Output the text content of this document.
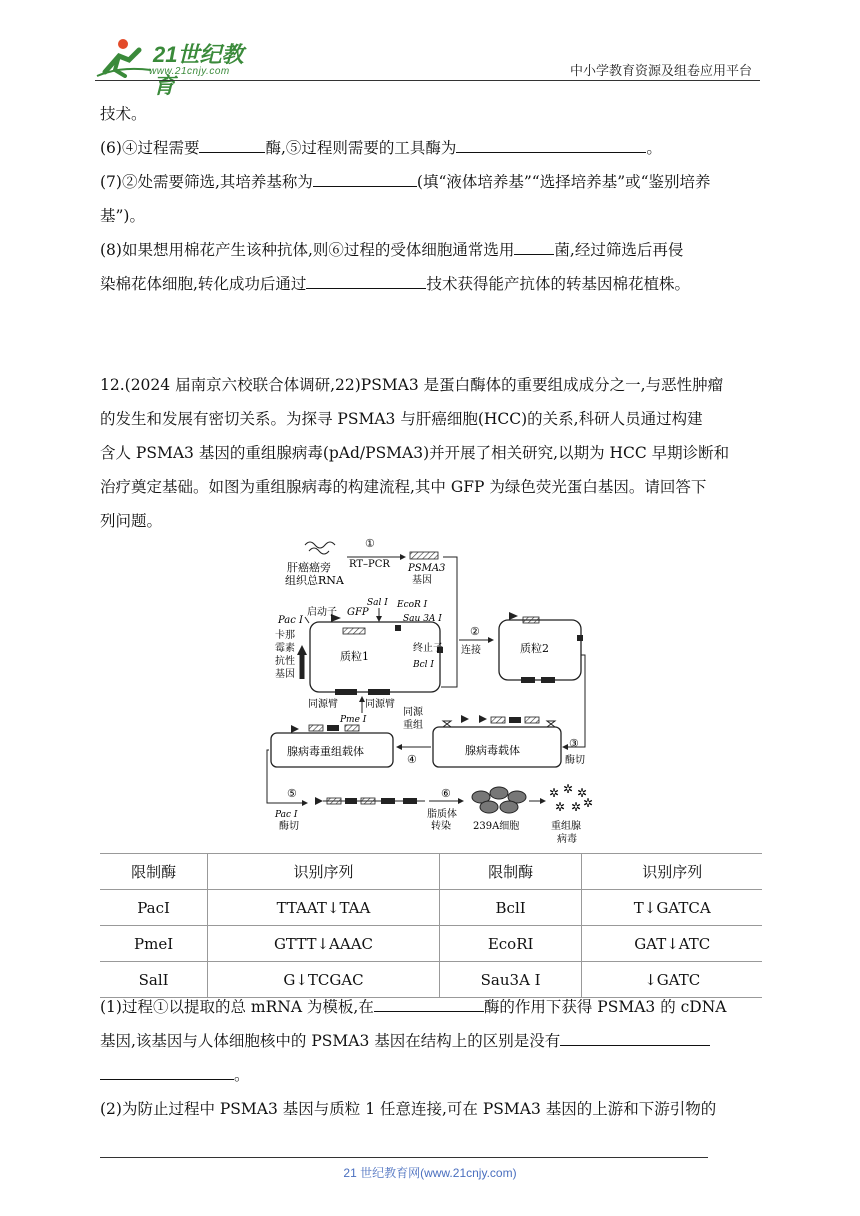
21世纪教育
www.21cnjy.com	中小学教育资源及组卷应用平台

技术。

(6)④过程需要	酶,⑤过程则需要的工具酶为	。

(7)②处需要筛选,其培养基称为	(填“液体培养基”“选择培养基”或“鉴别培养

基”)。

(8)如果想用棉花产生该种抗体,则⑥过程的受体细胞通常选用	菌,经过筛选后再侵

染棉花体细胞,转化成功后通过	技术获得能产抗体的转基因棉花植株。

12.(2024 届南京六校联合体调研,22)PSMA3 是蛋白酶体的重要组成成分之一,与恶性肿瘤

的发生和发展有密切关系。为探寻 PSMA3 与肝癌细胞(HCC)的关系,科研人员通过构建

含人 PSMA3 基因的重组腺病毒(pAd/PSMA3)并开展了相关研究,以期为 HCC 早期诊断和

治疗奠定基础。如图为重组腺病毒的构建流程,其中 GFP 为绿色荧光蛋白基因。请回答下

列问题。

肝癌癌旁
组织总RNA
①
RT–PCR PSMA3
基因
质粒1
Pac Ⅰ
启动子 GFP
Sal Ⅰ EcoR Ⅰ
Sau 3A Ⅰ
卡那
霉素
抗性
基因
终止子
Bcl Ⅰ
同源臂	同源臂
Pme Ⅰ
②
连接	质粒2
③
酶切
腺病毒载体
同源
重组
④
腺病毒重组载体
⑤
Pac Ⅰ
酶切
⑥
脂质体
转染 239A细胞
✲ ✲ ✲
✲ ✲ ✲
重组腺
病毒
限制酶	识别序列	限制酶	识别序列
PacⅠ	TTAAT↓TAA	BclⅠ	T↓GATCA
PmeⅠ	GTTT↓AAAC	EcoRⅠ	GAT↓ATC
SalⅠ	G↓TCGAC	Sau3A Ⅰ	↓GATC

(1)过程①以提取的总 mRNA 为模板,在	酶的作用下获得 PSMA3 的 cDNA

基因,该基因与人体细胞核中的 PSMA3 基因在结构上的区别是没有

。

(2)为防止过程中 PSMA3 基因与质粒 1 任意连接,可在 PSMA3 基因的上游和下游引物的

21 世纪教育网(www.21cnjy.com)
